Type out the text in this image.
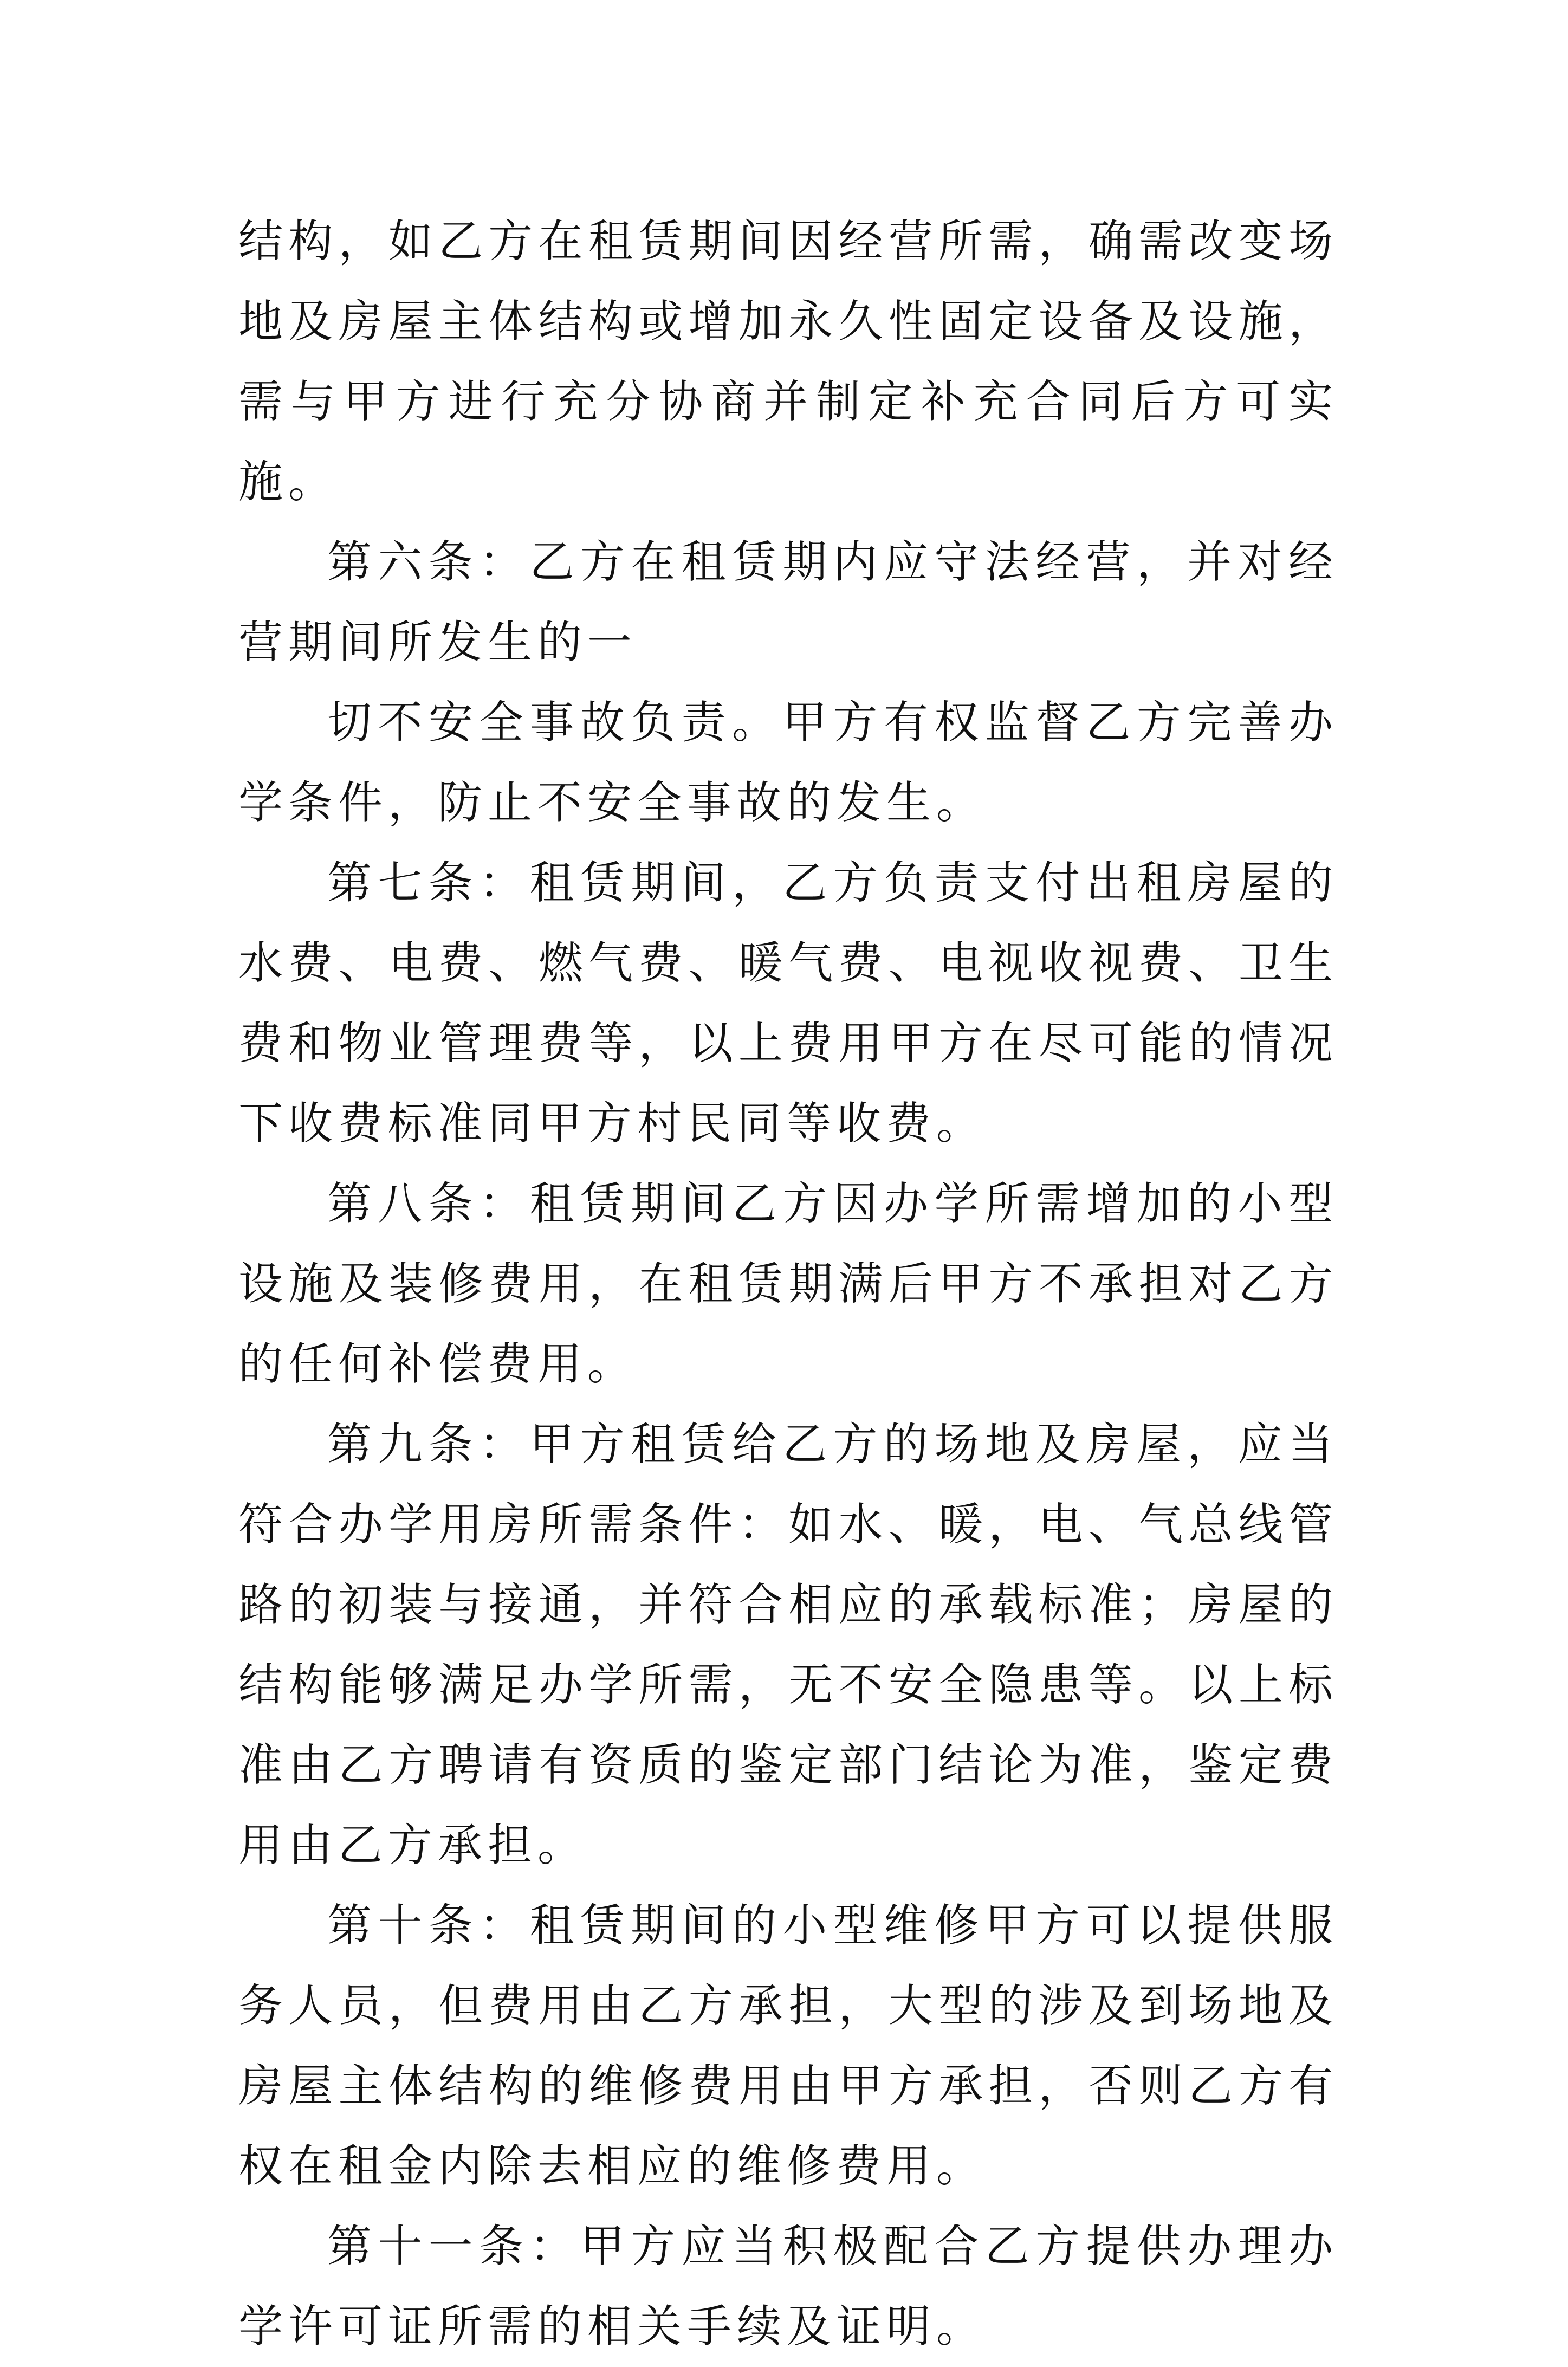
结构，如乙方在租赁期间因经营所需，确需改变场地及房屋主体结构或增加永久性固定设备及设施，需与甲方进行充分协商并制定补充合同后方可实施。

第六条：乙方在租赁期内应守法经营，并对经营期间所发生的一

切不安全事故负责。甲方有权监督乙方完善办学条件，防止不安全事故的发生。

第七条：租赁期间，乙方负责支付出租房屋的水费、电费、燃气费、暖气费、电视收视费、卫生费和物业管理费等，以上费用甲方在尽可能的情况下收费标准同甲方村民同等收费。

第八条：租赁期间乙方因办学所需增加的小型设施及装修费用，在租赁期满后甲方不承担对乙方的任何补偿费用。

第九条：甲方租赁给乙方的场地及房屋，应当符合办学用房所需条件：如水、暖，电、气总线管路的初装与接通，并符合相应的承载标准；房屋的结构能够满足办学所需，无不安全隐患等。以上标准由乙方聘请有资质的鉴定部门结论为准，鉴定费用由乙方承担。

第十条：租赁期间的小型维修甲方可以提供服务人员，但费用由乙方承担，大型的涉及到场地及房屋主体结构的维修费用由甲方承担，否则乙方有权在租金内除去相应的维修费用。

第十一条：甲方应当积极配合乙方提供办理办学许可证所需的相关手续及证明。
